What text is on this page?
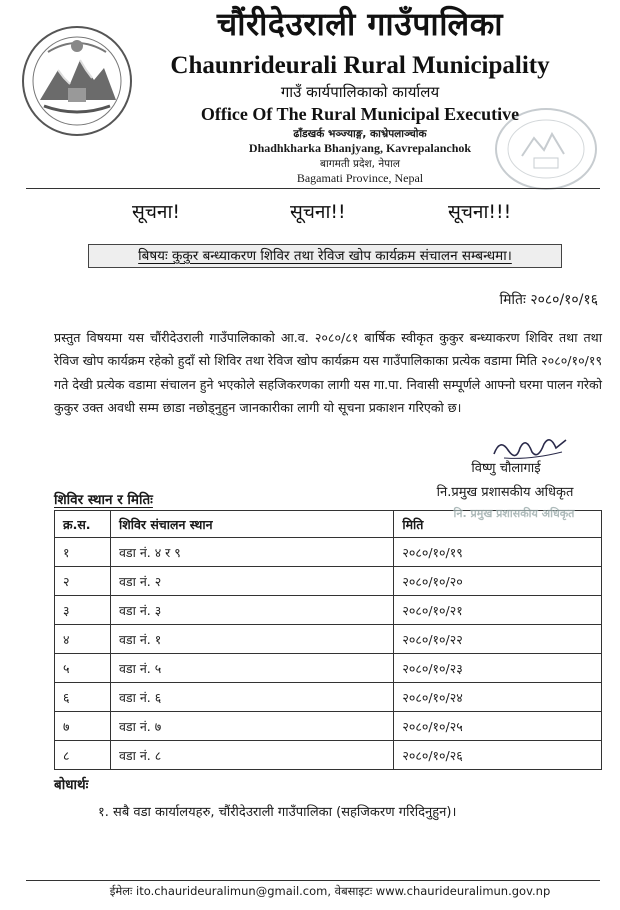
चौंरीदेउराली गाउँपालिका
Chaunrideurali Rural Municipality
गाउँ कार्यपालिकाको कार्यालय
Office Of The Rural Municipal Executive
ढाँडखर्क भञ्ज्याङ्ग, काभ्रेपलाञ्चोक
Dhadhkharka Bhanjyang, Kavrepalanchok
बागमती प्रदेश, नेपाल
Bagamati Province, Nepal
सूचना!	सूचना!!	सूचना!!!
बिषयः कुकुर बन्ध्याकरण शिविर तथा रेविज खोप कार्यक्रम संचालन सम्बन्धमा।
मितिः २०८०/१०/१६
प्रस्तुत विषयमा यस चौंरीदेउराली गाउँपालिकाको आ.व. २०८०/८१ बार्षिक स्वीकृत कुकुर बन्ध्याकरण शिविर तथा तथा रेविज खोप कार्यक्रम रहेको हुदाँ सो शिविर तथा रेविज खोप कार्यक्रम यस गाउँपालिकाका प्रत्येक वडामा मिति २०८०/१०/१९ गते देखी प्रत्येक वडामा संचालन हुने भएकोले सहजिकरणका लागी यस गा.पा. निवासी सम्पूर्णले आफ्नो घरमा पालन गरेको कुकुर उक्त अवधी सम्म छाडा नछोड्नुहुन जानकारीका लागी यो सूचना प्रकाशन गरिएको छ।
विष्णु चौलागाई
नि.प्रमुख प्रशासकीय अधिकृत
शिविर स्थान र मितिः
क्र.स.	शिविर संचालन स्थान	मिति
१	वडा नं. ४ र ९	२०८०/१०/१९
२	वडा नं. २	२०८०/१०/२०
३	वडा नं. ३	२०८०/१०/२१
४	वडा नं. १	२०८०/१०/२२
५	वडा नं. ५	२०८०/१०/२३
६	वडा नं. ६	२०८०/१०/२४
७	वडा नं. ७	२०८०/१०/२५
८	वडा नं. ८	२०८०/१०/२६
नि. प्रमुख प्रशासकीय अधिकृत
बोधार्थः
१. सबै वडा कार्यालयहरु, चौंरीदेउराली गाउँपालिका (सहजिकरण गरिदिनुहुन)।
ईमेलः ito.chaurideuralimun@gmail.com, वेबसाइटः www.chaurideuralimun.gov.np
